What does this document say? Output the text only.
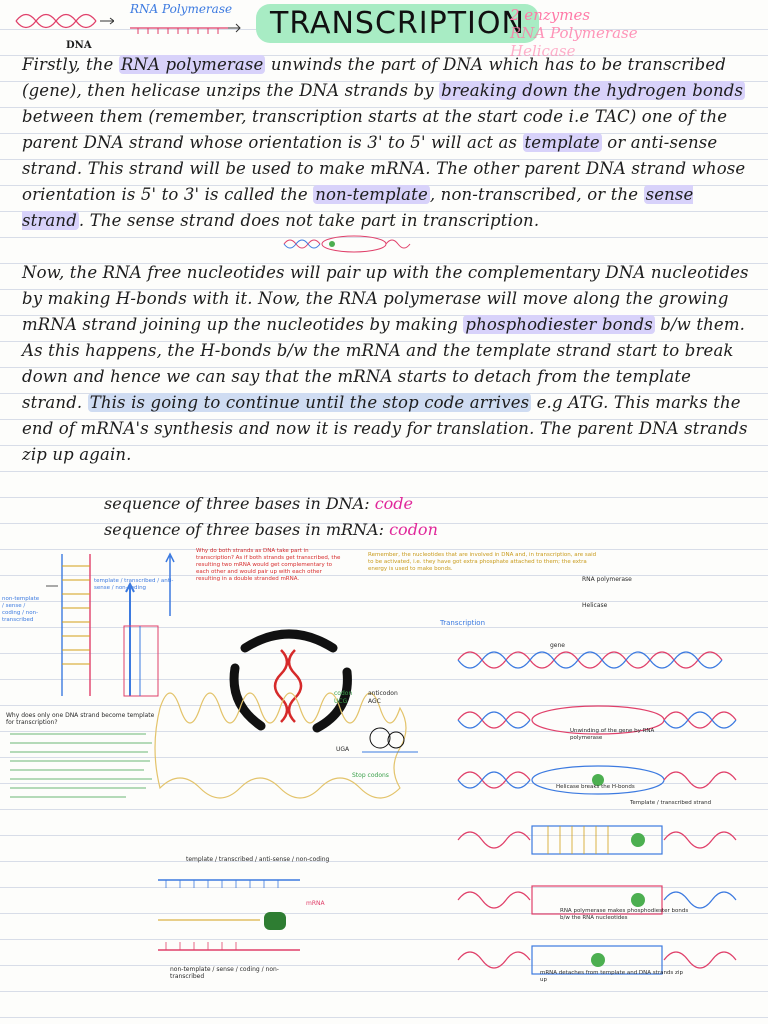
RNA Polymerase	TRANSCRIPTION
2 enzymes
RNA Polymerase
Helicase
DNA

Firstly, the RNA polymerase unwinds the part of DNA which has to be transcribed (gene), then helicase unzips the DNA strands by breaking down the hydrogen bonds between them (remember, transcription starts at the start code i.e TAC) one of the parent DNA strand whose orientation is 3' to 5' will act as template or anti-sense strand. This strand will be used to make mRNA. The other parent DNA strand whose orientation is 5' to 3' is called the non-template , non-transcribed, or the sense strand . The sense strand does not take part in transcription.

Now, the RNA free nucleotides will pair up with the complementary DNA nucleotides by making H-bonds with it. Now, the RNA polymerase will move along the growing mRNA strand joining up the nucleotides by making phosphodiester bonds b/w them. As this happens, the H-bonds b/w the mRNA and the template strand start to break down and hence we can say that the mRNA starts to detach from the template strand. This is going to continue until the stop code arrives e.g ATG. This marks the end of mRNA's synthesis and now it is ready for translation. The parent DNA strands zip up again.

sequence of three bases in DNA: code
sequence of three bases in mRNA: codon
non-template / sense / coding / non-transcribed
template / transcribed / anti-sense / non-coding
Why do both strands as DNA take part in transcription? As if both strands get transcribed, the resulting two mRNA would get complementary to each other and would pair up with each other resulting in a double stranded mRNA.
Remember, the nucleotides that are involved in DNA and, in transcription, are said to be activated, i.e. they have got extra phosphate attached to them; the extra energy is used to make bonds.
Transcription
RNA polymerase
Helicase
Why does only one DNA strand become template for transcription?
UGA
Stop codons
codon
UCG
anticodon
AGC
gene
Unwinding of the gene by RNA polymerase
Helicase breaks the H-bonds
Template / transcribed strand
RNA polymerase makes phosphodiester bonds b/w the RNA nucleotides
mRNA detaches from template and DNA strands zip up
template / transcribed / anti-sense / non-coding
mRNA
non-template / sense / coding / non-transcribed
